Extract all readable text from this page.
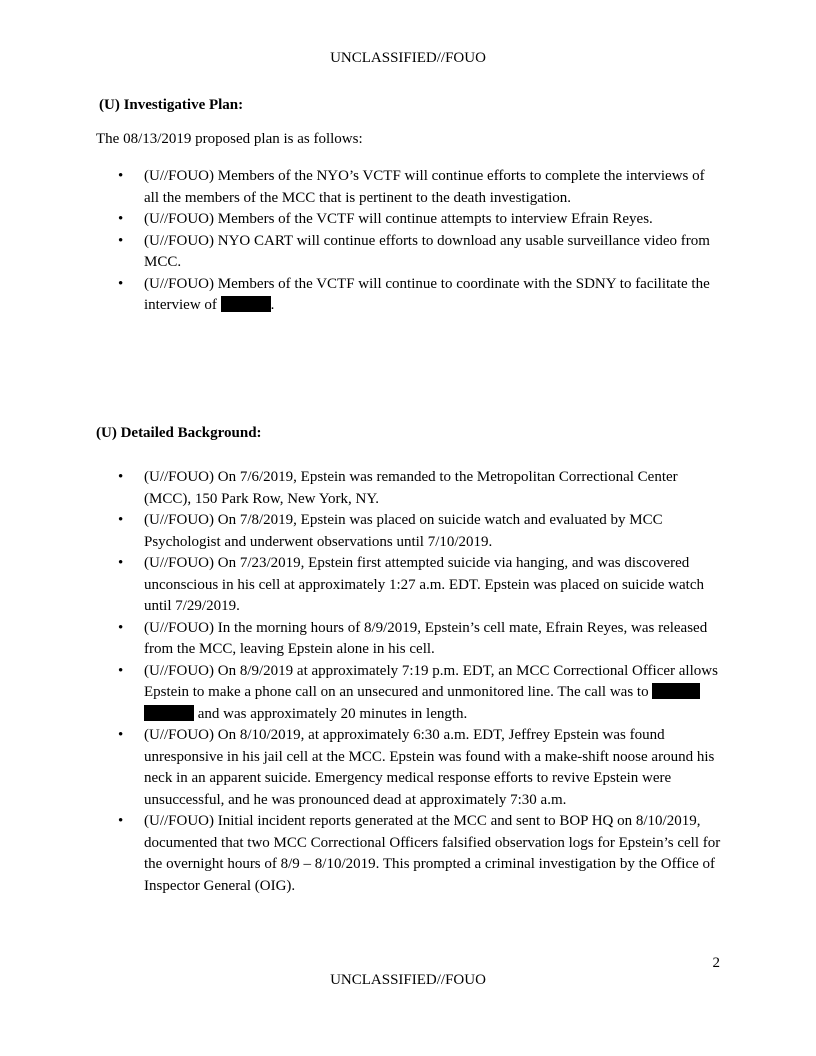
UNCLASSIFIED//FOUO
(U) Investigative Plan:
The 08/13/2019 proposed plan is as follows:
• (U//FOUO) Members of the NYO’s VCTF will continue efforts to complete the interviews of all the members of the MCC that is pertinent to the death investigation.
• (U//FOUO) Members of the VCTF will continue attempts to interview Efrain Reyes.
• (U//FOUO) NYO CART will continue efforts to download any usable surveillance video from MCC.
• (U//FOUO) Members of the VCTF will continue to coordinate with the SDNY to facilitate the interview of	.
(U) Detailed Background:
• (U//FOUO) On 7/6/2019, Epstein was remanded to the Metropolitan Correctional Center (MCC), 150 Park Row, New York, NY.
• (U//FOUO) On 7/8/2019, Epstein was placed on suicide watch and evaluated by MCC Psychologist and underwent observations until 7/10/2019.
• (U//FOUO) On 7/23/2019, Epstein first attempted suicide via hanging, and was discovered unconscious in his cell at approximately 1:27 a.m. EDT. Epstein was placed on suicide watch until 7/29/2019.
• (U//FOUO) In the morning hours of 8/9/2019, Epstein’s cell mate, Efrain Reyes, was released from the MCC, leaving Epstein alone in his cell.
• (U//FOUO) On 8/9/2019 at approximately 7:19 p.m. EDT, an MCC Correctional Officer allows Epstein to make a phone call on an unsecured and unmonitored line. The call was to   and was approximately 20 minutes in length.
• (U//FOUO) On 8/10/2019, at approximately 6:30 a.m. EDT, Jeffrey Epstein was found unresponsive in his jail cell at the MCC. Epstein was found with a make-shift noose around his neck in an apparent suicide. Emergency medical response efforts to revive Epstein were unsuccessful, and he was pronounced dead at approximately 7:30 a.m.
• (U//FOUO) Initial incident reports generated at the MCC and sent to BOP HQ on 8/10/2019, documented that two MCC Correctional Officers falsified observation logs for Epstein’s cell for the overnight hours of 8/9 – 8/10/2019. This prompted a criminal investigation by the Office of Inspector General (OIG).
2
UNCLASSIFIED//FOUO
